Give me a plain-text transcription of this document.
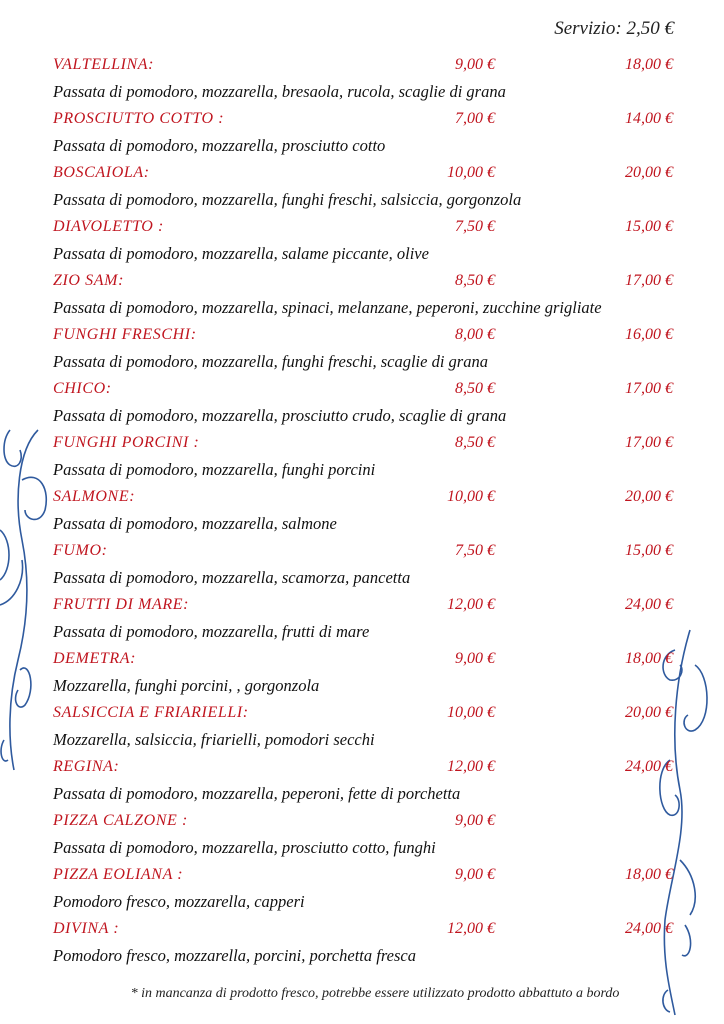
Servizio: 2,50 €
VALTELLINA:	9,00 €	18,00 €
Passata di pomodoro, mozzarella, bresaola, rucola, scaglie di grana
PROSCIUTTO COTTO :	7,00 €	14,00 €
Passata di pomodoro, mozzarella, prosciutto cotto
BOSCAIOLA:	10,00 €	20,00 €
Passata di pomodoro, mozzarella, funghi freschi, salsiccia, gorgonzola
DIAVOLETTO :	7,50 €	15,00 €
Passata di pomodoro, mozzarella, salame piccante, olive
ZIO SAM:	8,50 €	17,00 €
Passata di pomodoro, mozzarella, spinaci, melanzane, peperoni, zucchine grigliate
FUNGHI FRESCHI:	8,00 €	16,00 €
Passata di pomodoro, mozzarella, funghi freschi, scaglie di grana
CHICO:	8,50 €	17,00 €
Passata di pomodoro, mozzarella, prosciutto crudo, scaglie di grana
FUNGHI PORCINI :	8,50 €	17,00 €
Passata di pomodoro, mozzarella, funghi porcini
SALMONE:	10,00 €	20,00 €
Passata di pomodoro, mozzarella, salmone
FUMO:	7,50 €	15,00 €
Passata di pomodoro, mozzarella, scamorza, pancetta
FRUTTI DI MARE:	12,00 €	24,00 €
Passata di pomodoro, mozzarella, frutti di mare
DEMETRA:	9,00 €	18,00 €
Mozzarella, funghi porcini, , gorgonzola
SALSICCIA E FRIARIELLI:	10,00 €	20,00 €
Mozzarella, salsiccia, friarielli, pomodori secchi
REGINA:	12,00 €	24,00 €
Passata di pomodoro, mozzarella, peperoni, fette di porchetta
PIZZA CALZONE :	9,00 €
Passata di pomodoro, mozzarella, prosciutto cotto, funghi
PIZZA EOLIANA :	9,00 €	18,00 €
Pomodoro fresco, mozzarella, capperi
DIVINA :	12,00 €	24,00 €
Pomodoro fresco, mozzarella, porcini, porchetta fresca
* in mancanza di prodotto fresco, potrebbe essere utilizzato prodotto abbattuto a bordo
